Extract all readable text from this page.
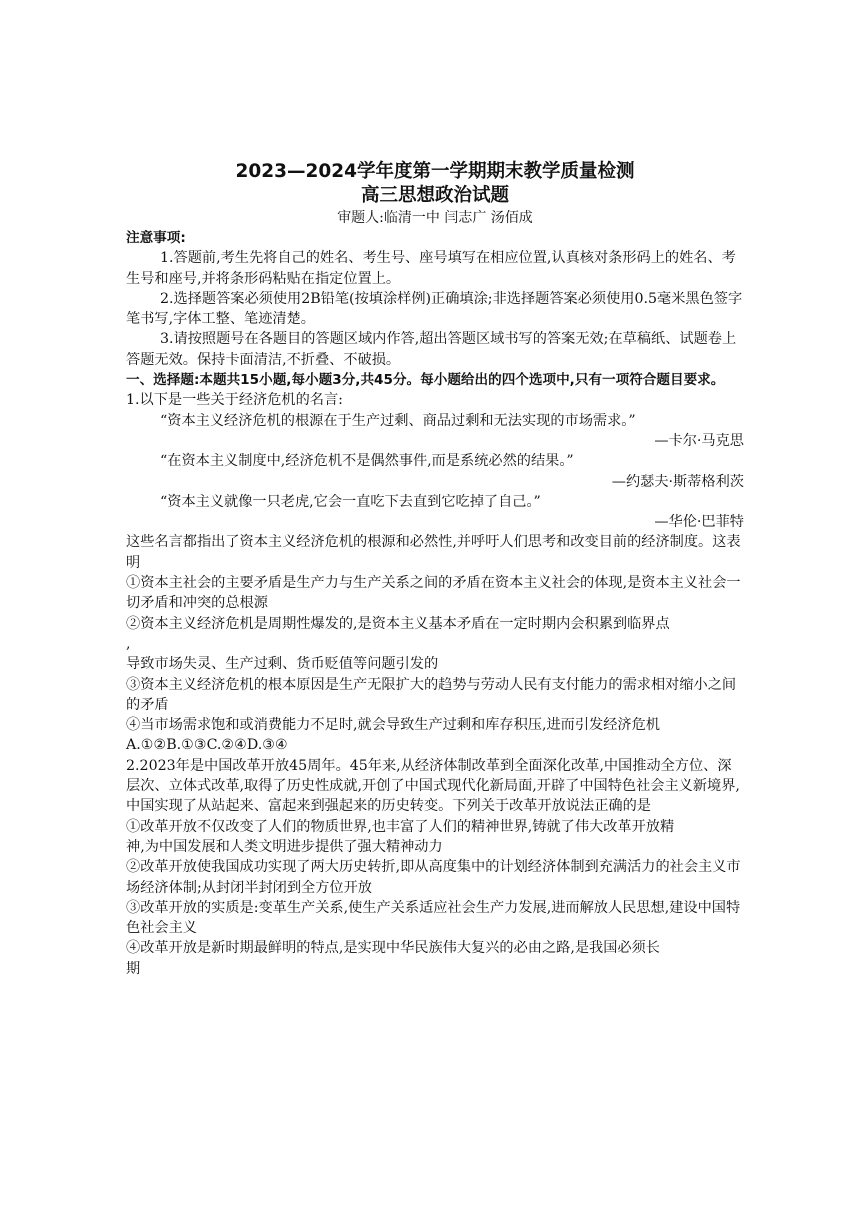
2023—2024学年度第一学期期末教学质量检测

高三思想政治试题

审题人:临清一中 闫志广 汤佰成

注意事项:

1.答题前,考生先将自己的姓名、考生号、座号填写在相应位置,认真核对条形码上的姓名、考生号和座号,并将条形码粘贴在指定位置上。

2.选择题答案必须使用2B铅笔(按填涂样例)正确填涂;非选择题答案必须使用0.5毫米黑色签字笔书写,字体工整、笔迹清楚。

3.请按照题号在各题目的答题区域内作答,超出答题区域书写的答案无效;在草稿纸、试题卷上答题无效。保持卡面清洁,不折叠、不破损。

一、选择题:本题共15小题,每小题3分,共45分。每小题给出的四个选项中,只有一项符合题目要求。

1.以下是一些关于经济危机的名言:

“资本主义经济危机的根源在于生产过剩、商品过剩和无法实现的市场需求。”

—卡尔·马克思

“在资本主义制度中,经济危机不是偶然事件,而是系统必然的结果。”

—约瑟夫·斯蒂格利茨

“资本主义就像一只老虎,它会一直吃下去直到它吃掉了自己。”

—华伦·巴菲特

这些名言都指出了资本主义经济危机的根源和必然性,并呼吁人们思考和改变目前的经济制度。这表明

①资本主社会的主要矛盾是生产力与生产关系之间的矛盾在资本主义社会的体现,是资本主义社会一切矛盾和冲突的总根源

②资本主义经济危机是周期性爆发的,是资本主义基本矛盾在一定时期内会积累到临界点

,

导致市场失灵、生产过剩、货币贬值等问题引发的

③资本主义经济危机的根本原因是生产无限扩大的趋势与劳动人民有支付能力的需求相对缩小之间的矛盾

④当市场需求饱和或消费能力不足时,就会导致生产过剩和库存积压,进而引发经济危机

A.①②B.①③C.②④D.③④

2.2023年是中国改革开放45周年。45年来,从经济体制改革到全面深化改革,中国推动全方位、深层次、立体式改革,取得了历史性成就,开创了中国式现代化新局面,开辟了中国特色社会主义新境界,中国实现了从站起来、富起来到强起来的历史转变。下列关于改革开放说法正确的是

①改革开放不仅改变了人们的物质世界,也丰富了人们的精神世界,铸就了伟大改革开放精

神,为中国发展和人类文明进步提供了强大精神动力

②改革开放使我国成功实现了两大历史转折,即从高度集中的计划经济体制到充满活力的社会主义市场经济体制;从封闭半封闭到全方位开放

③改革开放的实质是:变革生产关系,使生产关系适应社会生产力发展,进而解放人民思想,建设中国特色社会主义

④改革开放是新时期最鲜明的特点,是实现中华民族伟大复兴的必由之路,是我国必须长

期
